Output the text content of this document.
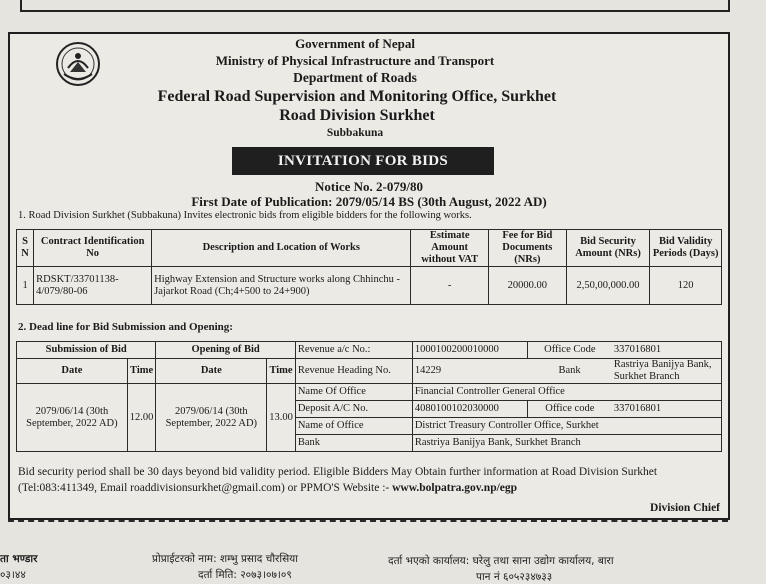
Government of Nepal
Ministry of Physical Infrastructure and Transport
Department of Roads
Federal Road Supervision and Monitoring Office, Surkhet
Road Division Surkhet
Subbakuna
INVITATION FOR BIDS
Notice No. 2-079/80
First Date of Publication: 2079/05/14 BS (30th August, 2022 AD)
1. Road Division Surkhet (Subbakuna) Invites electronic bids from eligible bidders for the following works.
S N	Contract Identification No	Description and Location of Works	Estimate Amount without VAT	Fee for Bid Documents (NRs)	Bid Security Amount (NRs)	Bid Validity Periods (Days)
1	RDSKT/33701138-4/079/80-06	Highway Extension and Structure works along Chhinchu -Jajarkot Road (Ch;4+500 to 24+900)	-	20000.00	2,50,00,000.00	120
2. Dead line for Bid Submission and Opening:
Submission of Bid		Opening of Bid		Revenue a/c No.:	1000100200010000	Office Code	337016801
Date	Time	Date	Time	Revenue Heading No.	14229	Bank	Rastriya Banijya Bank, Surkhet Branch
2079/06/14 (30th September, 2022 AD)	12.00	2079/06/14 (30th September, 2022 AD)	13.00	Name Of Office	Financial Controller General Office		
				Deposit A/C No.	4080100102030000	Office code	337016801
				Name of Office	District Treasury Controller Office, Surkhet		
				Bank	Rastriya Banijya Bank, Surkhet Branch		
Bid security period shall be 30 days beyond bid validity period. Eligible Bidders May Obtain further information at Road Division Surkhet
(Tel:083:411349, Email roaddivisionsurkhet@gmail.com) or PPMO'S Website :- www.bolpatra.gov.np/egp
Division Chief
ता भण्डार
०३।४४
प्रोप्राईटरको नाम: शम्भु प्रसाद चौरसिया
दर्ता मिति: २०७३।०७।०९
दर्ता भएको कार्यालय: घरेलु तथा साना उद्योग कार्यालय, बारा
पान नं ६०५२३४७३३
